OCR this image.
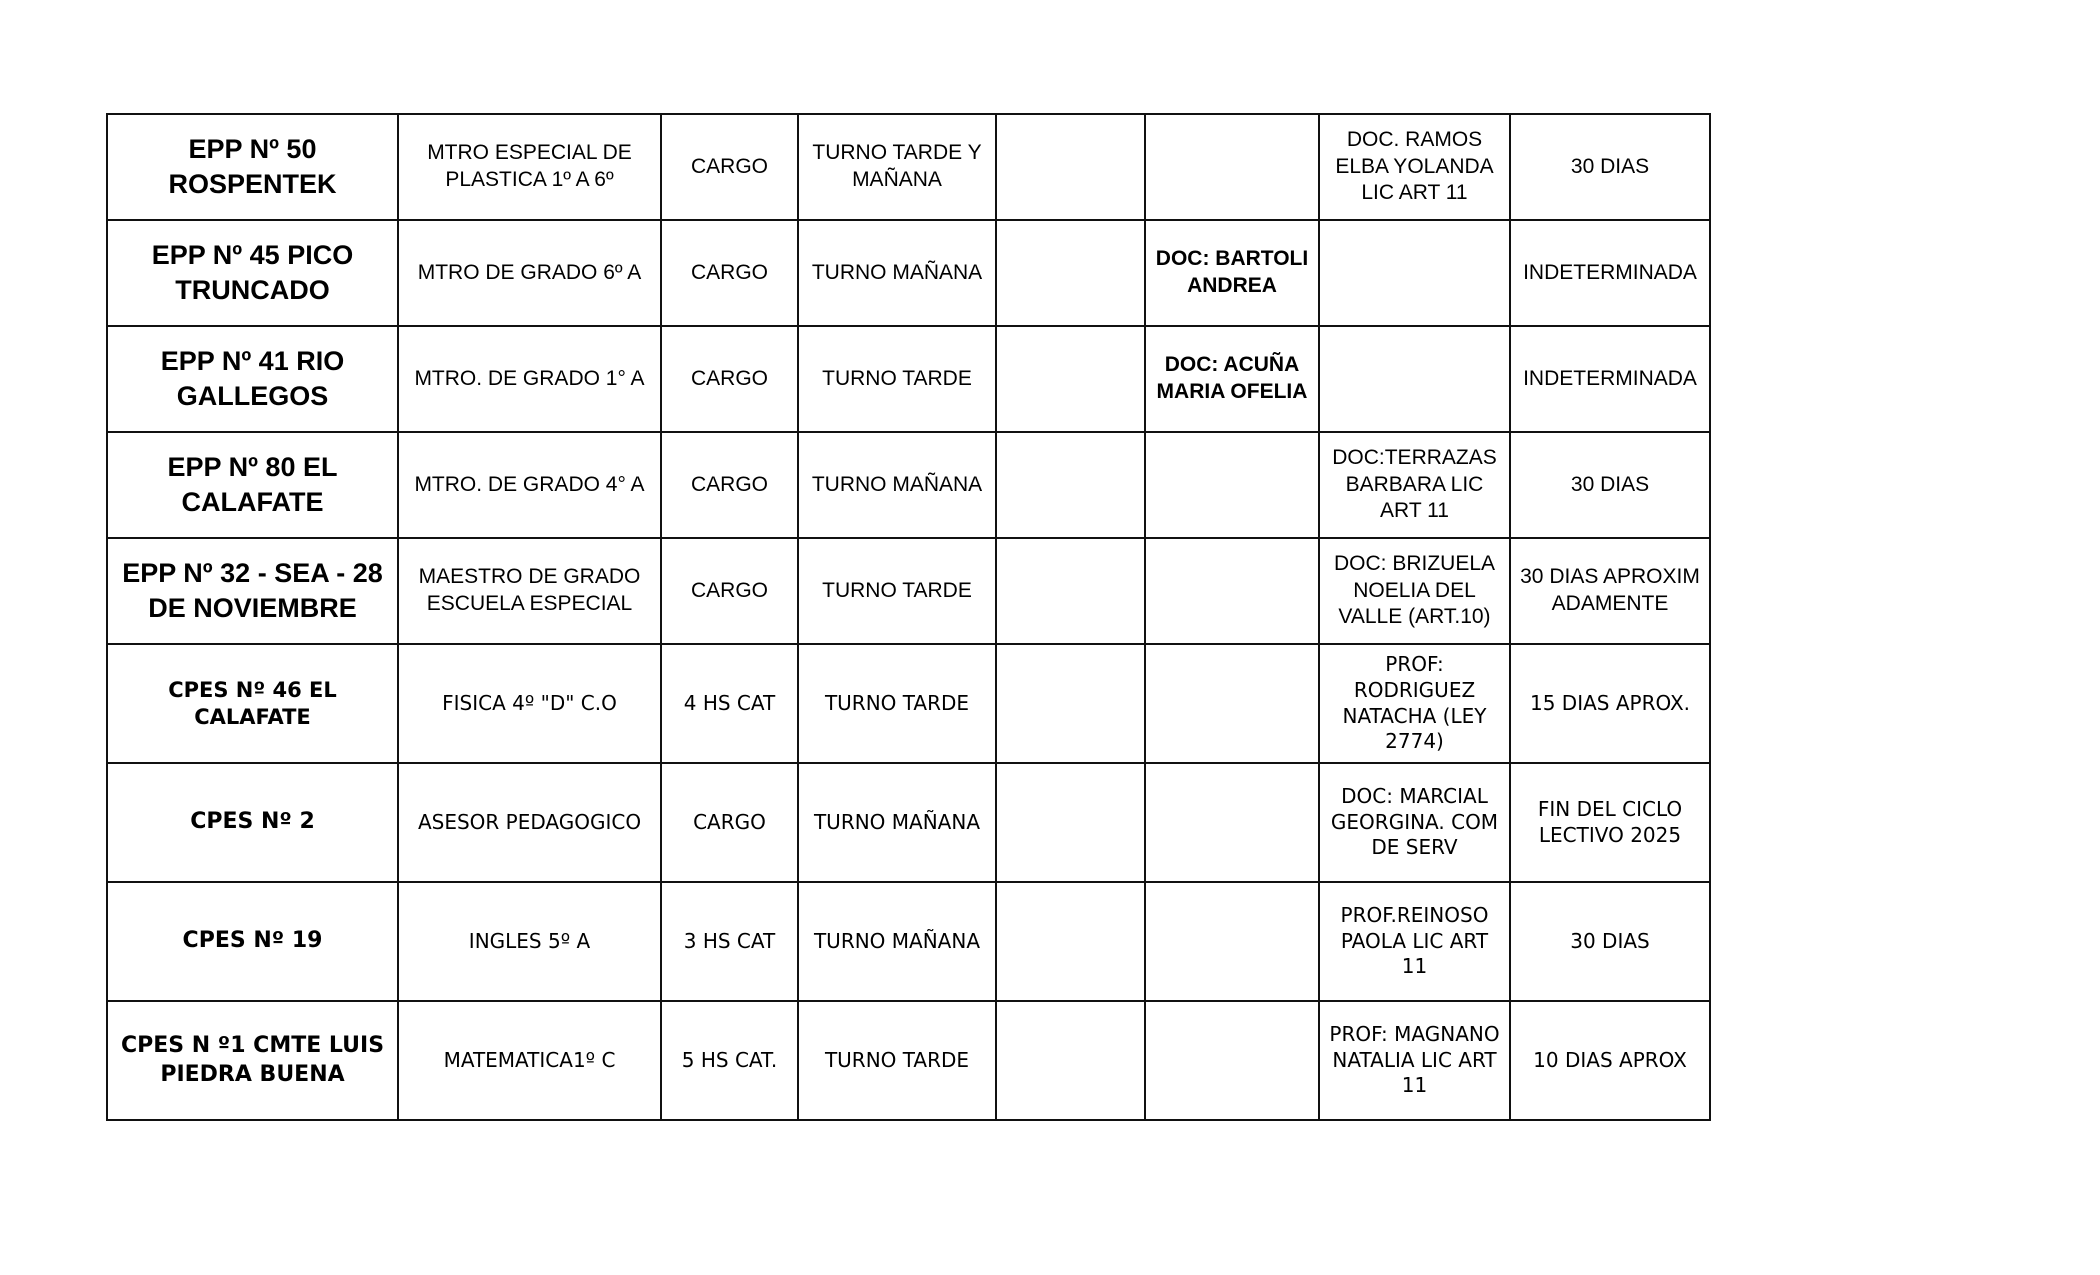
EPP Nº 50 ROSPENTEK	MTRO ESPECIAL DE PLASTICA 1º A 6º	CARGO	TURNO TARDE Y MAÑANA			DOC. RAMOS ELBA YOLANDA LIC ART 11	30 DIAS
EPP Nº 45 PICO TRUNCADO	MTRO DE GRADO 6º A	CARGO	TURNO MAÑANA		DOC: BARTOLI ANDREA		INDETERMINADA
EPP Nº 41 RIO GALLEGOS	MTRO. DE GRADO 1° A	CARGO	TURNO TARDE		DOC: ACUÑA MARIA OFELIA		INDETERMINADA
EPP Nº 80 EL CALAFATE	MTRO. DE GRADO 4° A	CARGO	TURNO MAÑANA			DOC:TERRAZAS BARBARA LIC ART 11	30 DIAS
EPP Nº 32 - SEA - 28 DE NOVIEMBRE	MAESTRO DE GRADO ESCUELA ESPECIAL	CARGO	TURNO TARDE			DOC: BRIZUELA NOELIA DEL VALLE (ART.10)	30 DIAS APROXIMADAMENTE
CPES Nº 46 EL CALAFATE	FISICA 4º "D" C.O	4 HS CAT	TURNO TARDE			PROF: RODRIGUEZ NATACHA (LEY 2774)	15 DIAS APROX.
CPES Nº 2	ASESOR PEDAGOGICO	CARGO	TURNO MAÑANA			DOC: MARCIAL GEORGINA. COM DE SERV	FIN DEL CICLO LECTIVO 2025
CPES Nº 19	INGLES 5º A	3 HS CAT	TURNO MAÑANA			PROF.REINOSO PAOLA LIC ART 11	30 DIAS
CPES N º1 CMTE LUIS PIEDRA BUENA	MATEMATICA1º C	5 HS CAT.	TURNO TARDE			PROF: MAGNANO NATALIA LIC ART 11	10 DIAS APROX
